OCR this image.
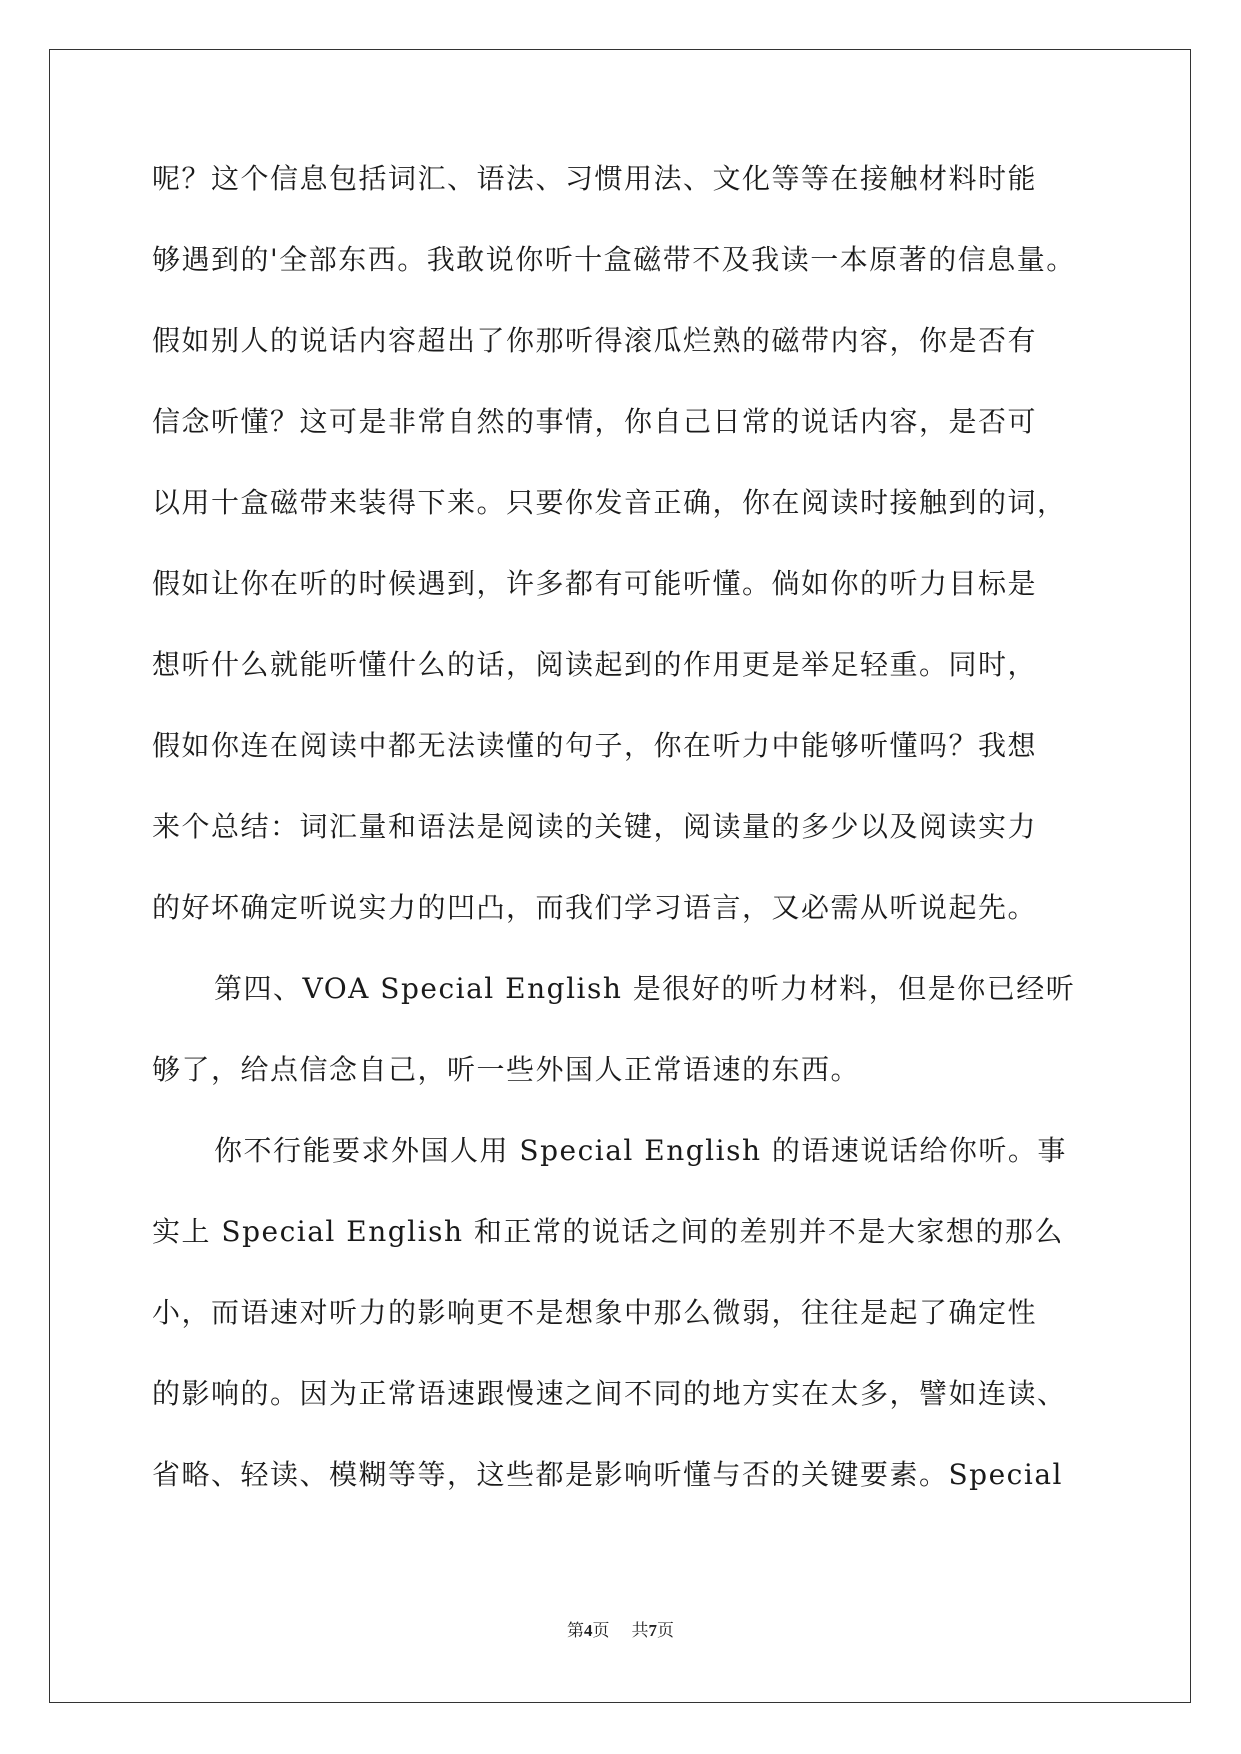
呢？这个信息包括词汇、语法、习惯用法、文化等等在接触材料时能
够遇到的'全部东西。我敢说你听十盒磁带不及我读一本原著的信息量。
假如别人的说话内容超出了你那听得滚瓜烂熟的磁带内容，你是否有
信念听懂？这可是非常自然的事情，你自己日常的说话内容，是否可
以用十盒磁带来装得下来。只要你发音正确，你在阅读时接触到的词，
假如让你在听的时候遇到，许多都有可能听懂。倘如你的听力目标是
想听什么就能听懂什么的话，阅读起到的作用更是举足轻重。同时，
假如你连在阅读中都无法读懂的句子，你在听力中能够听懂吗？我想
来个总结：词汇量和语法是阅读的关键，阅读量的多少以及阅读实力
的好坏确定听说实力的凹凸，而我们学习语言，又必需从听说起先。
第四、VOA Special English 是很好的听力材料，但是你已经听
够了，给点信念自己，听一些外国人正常语速的东西。
你不行能要求外国人用 Special English 的语速说话给你听。事
实上 Special English 和正常的说话之间的差别并不是大家想的那么
小，而语速对听力的影响更不是想象中那么微弱，往往是起了确定性
的影响的。因为正常语速跟慢速之间不同的地方实在太多，譬如连读、
省略、轻读、模糊等等，这些都是影响听懂与否的关键要素。Special
第4页 共7页
